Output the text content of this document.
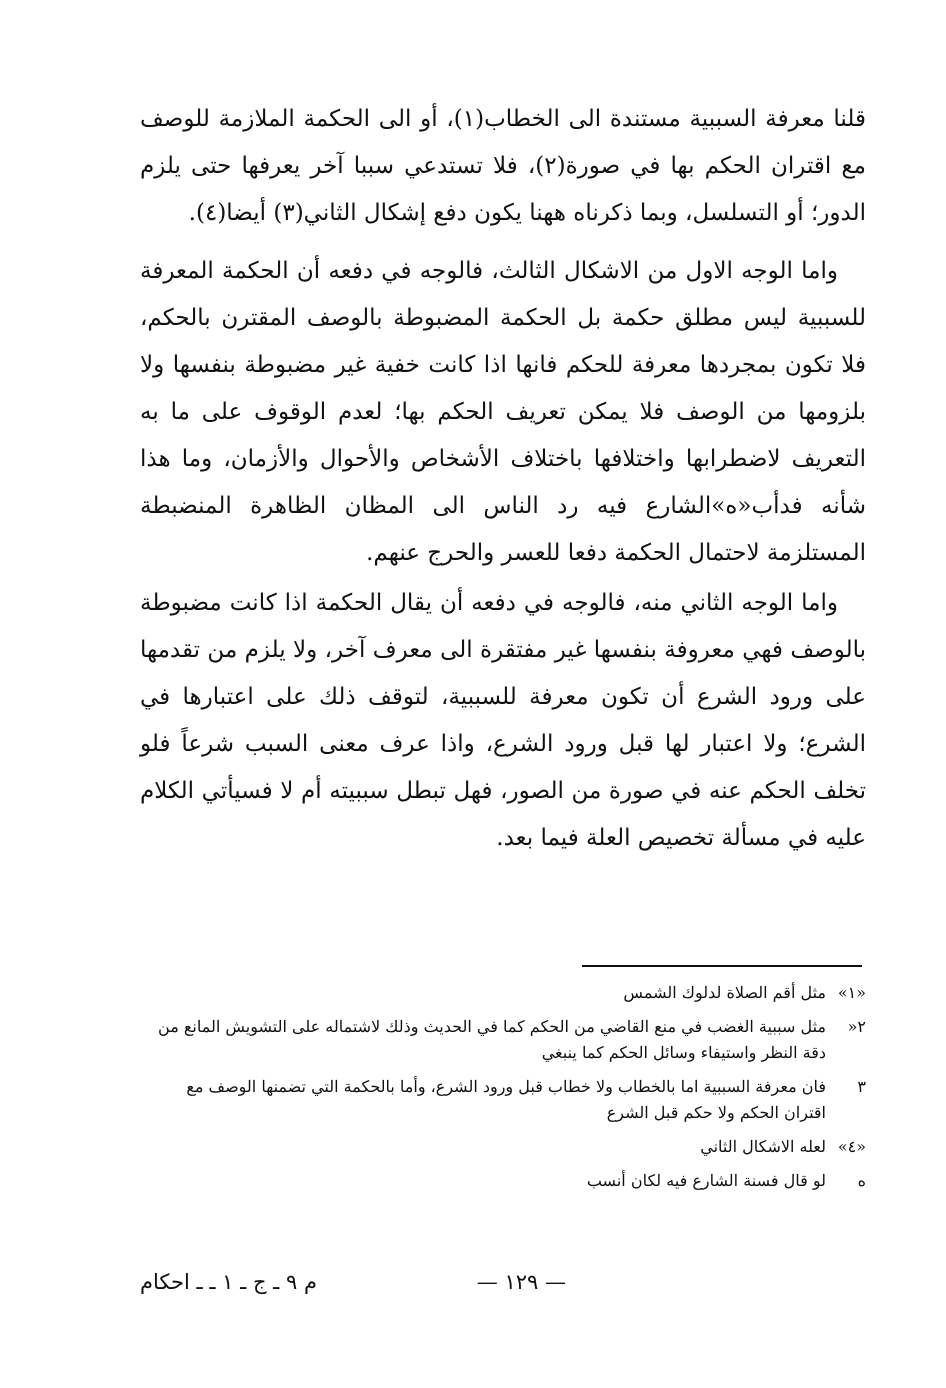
قلنا معرفة السببية مستندة الى الخطاب(١)، أو الى الحكمة الملازمة للوصف مع اقتران الحكم بها في صورة(٢)، فلا تستدعي سببا آخر يعرفها حتى يلزم الدور؛ أو التسلسل، وبما ذكرناه ههنا يكون دفع إشكال الثاني(٣) أيضا(٤).

واما الوجه الاول من الاشكال الثالث، فالوجه في دفعه أن الحكمة المعرفة للسببية ليس مطلق حكمة بل الحكمة المضبوطة بالوصف المقترن بالحكم، فلا تكون بمجردها معرفة للحكم فانها اذا كانت خفية غير مضبوطة بنفسها ولا بلزومها من الوصف فلا يمكن تعريف الحكم بها؛ لعدم الوقوف على ما به التعريف لاضطرابها واختلافها باختلاف الأشخاص والأحوال والأزمان، وما هذا شأنه فدأب«ه»الشارع فيه رد الناس الى المظان الظاهرة المنضبطة المستلزمة لاحتمال الحكمة دفعا للعسر والحرج عنهم.

واما الوجه الثاني منه، فالوجه في دفعه أن يقال الحكمة اذا كانت مضبوطة بالوصف فهي معروفة بنفسها غير مفتقرة الى معرف آخر، ولا يلزم من تقدمها على ورود الشرع أن تكون معرفة للسببية، لتوقف ذلك على اعتبارها في الشرع؛ ولا اعتبار لها قبل ورود الشرع، واذا عرف معنى السبب شرعاً فلو تخلف الحكم عنه في صورة من الصور، فهل تبطل سببيته أم لا فسيأتي الكلام عليه في مسألة تخصيص العلة فيما بعد.

«١»
مثل أقم الصلاة لدلوك الشمس
٢«
مثل سببية الغضب في منع القاضي من الحكم كما في الحديث وذلك لاشتماله على التشويش المانع من دقة النظر واستيفاء وسائل الحكم كما ينبغي
٣
فان معرفة السببية اما بالخطاب ولا خطاب قبل ورود الشرع، وأما بالحكمة التي تضمنها الوصف مع اقتران الحكم ولا حكم قبل الشرع
«٤»
لعله الاشكال الثاني
ه
لو قال فسنة الشارع فيه لكان أنسب
— ١٢٩ —
م ٩ ـ ج ـ ١ ـ ـ احكام
